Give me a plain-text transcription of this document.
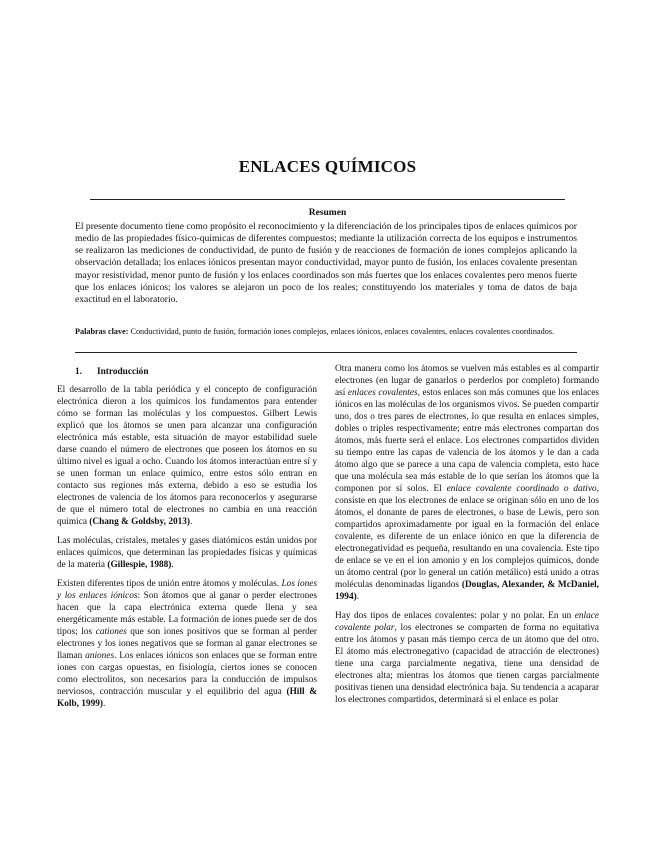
ENLACES QUÍMICOS
Resumen

El presente documento tiene como propósito el reconocimiento y la diferenciación de los principales tipos de enlaces químicos por medio de las propiedades físico-químicas de diferentes compuestos; mediante la utilización correcta de los equipos e instrumentos se realizaron las mediciones de conductividad, de punto de fusión y de reacciones de formación de iones complejos aplicando la observación detallada; los enlaces iónicos presentan mayor conductividad, mayor punto de fusión, los enlaces covalente presentan mayor resistividad, menor punto de fusión y los enlaces coordinados son más fuertes que los enlaces covalentes pero menos fuerte que los enlaces iónicos; los valores se alejaron un poco de los reales; constituyendo los materiales y toma de datos de baja exactitud en el laboratorio.

Palabras clave: Conductividad, punto de fusión, formación iones complejos, enlaces iónicos, enlaces covalentes, enlaces covalentes coordinados.

1. Introducción

El desarrollo de la tabla periódica y el concepto de configuración electrónica dieron a los químicos los fundamentos para entender cómo se forman las moléculas y los compuestos. Gilbert Lewis explicó que los átomos se unen para alcanzar una configuración electrónica más estable, esta situación de mayor estabilidad suele darse cuando el número de electrones que poseen los átomos en su último nivel es igual a ocho. Cuando los átomos interactúan entre sí y se unen forman un enlace químico, entre estos sólo entran en contacto sus regiones más externa, debido a eso se estudia los electrones de valencia de los átomos para reconocerlos y asegurarse de que el número total de electrones no cambia en una reacción química (Chang & Goldsby, 2013).

Las moléculas, cristales, metales y gases diatómicos están unidos por enlaces químicos, que determinan las propiedades físicas y químicas de la materia (Gillespie, 1988).

Existen diferentes tipos de unión entre átomos y moléculas. Los iones y los enlaces iónicos: Son átomos que al ganar o perder electrones hacen que la capa electrónica externa quede llena y sea energéticamente más estable. La formación de iones puede ser de dos tipos; los cationes que son iones positivos que se forman al perder electrones y los iones negativos que se forman al ganar electrones se llaman aniones. Los enlaces iónicos son enlaces que se forman entre iones con cargas opuestas, en fisiología, ciertos iones se conocen como electrolitos, son necesarios para la conducción de impulsos nerviosos, contracción muscular y el equilibrio del agua (Hill & Kolb, 1999).

Otra manera como los átomos se vuelven más estables es al compartir electrones (en lugar de ganarlos o perderlos por completo) formando así enlaces covalentes, estos enlaces son más comunes que los enlaces iónicos en las moléculas de los organismos vivos. Se pueden compartir uno, dos o tres pares de electrones, lo que resulta en enlaces simples, dobles o triples respectivamente; entre más electrones compartan dos átomos, más fuerte será el enlace. Los electrones compartidos dividen su tiempo entre las capas de valencia de los átomos y le dan a cada átomo algo que se parece a una capa de valencia completa, esto hace que una molécula sea más estable de lo que serían los átomos que la componen por sí solos. El enlace covalente coordinado o dativo, consiste en que los electrones de enlace se originan sólo en uno de los átomos, el donante de pares de electrones, o base de Lewis, pero son compartidos aproximadamente por igual en la formación del enlace covalente, es diferente de un enlace iónico en que la diferencia de electronegatividad es pequeña, resultando en una covalencia. Este tipo de enlace se ve en el ion amonio y en los complejos químicos, donde un átomo central (por lo general un catión metálico) está unido a otras moléculas denominadas ligandos (Douglas, Alexander, & McDaniel, 1994).

Hay dos tipos de enlaces covalentes: polar y no polar. En un enlace covalente polar, los electrones se comparten de forma no equitativa entre los átomos y pasan más tiempo cerca de un átomo que del otro. El átomo más electronegativo (capacidad de atracción de electrones) tiene una carga parcialmente negativa, tiene una densidad de electrones alta; mientras los átomos que tienen cargas parcialmente positivas tienen una densidad electrónica baja. Su tendencia a acaparar los electrones compartidos, determinará si el enlace es polar
